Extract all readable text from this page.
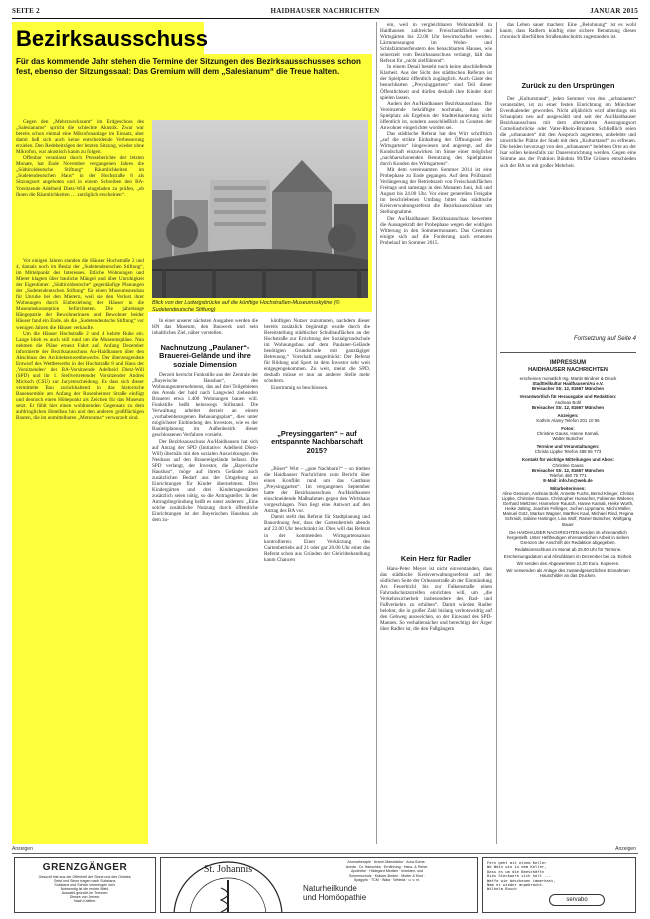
SEITE 2	HAIDHAUSER NACHRICHTEN	JANUAR 2015
Bezirksausschuss
Für das kommende Jahr stehen die Termine der Sitzungen des Bezirksausschusses schon fest, ebenso der Sitzungssaal: Das Gremium will dem „Salesianum“ die Treue halten.

Gegen den „Mehrzweckraum“ im Erdgeschoss des „Salesianums“ spricht die schlechte Akustik. Zwar war bereits schon einmal eine Mikrofonanlage im Einsatz, aber damit ließ sich auch keine entscheidende Verbesserung erzielen. Den Redebeiträgen der letzten Sitzung, wieder ohne Mikrofon, war akustisch kaum zu folgen.

Offenbar veranlasst durch Presseberichte der letzten Monate, hat Ende November vergangenen Jahres die „Südtiroldeutsche Stiftung“ Räumlichkeiten im „Sudetendeutschen Haus“ in der Hochstraße 8 als Sitzungsort angeboten und in einem Schreiben den BA-Vorsitzende Adelheid Dietz-Will eingeladen zu prüfen, „ob Ihnen die Räumlichkeiten … zuträglich erscheinen“.

Vor einigen Jahren standen die Häuser Hochstraße 2 und 4, damals noch im Besitz der „Sudetendeutschen Stiftung“, im Mittelpunkt des Interesses. Etliche Wohnungen und Mieter klagten über bauliche Mängel und über Unruhigkeit der Eigentümer. „Südtiroldeutsche“ gegenläufige Planungen der „Sudetendeutschen Stiftung“ für einen Museumsneubau für Unruhe bei den Mietern, weil sie den Verlust ihrer Wohnungen durch Einbeziehung der Häuser in die Museumskonzeption befürchteten. Die jahrelange Hängepartie der Bewohnerinnen und Bewohner beider Häuser fand ein Ende, als die „Sudetendeutsche Stiftung“ vor wenigen Jahren die Häuser verkaufte.

Um die Häuser Hochstraße 2 und 4 kehrte Ruhe ein. Lange blieb es auch still rund um die Museumspläne. Nun nehmen die Pläne erneut Fahrt auf. Anfang Dezember informierte der Bezirksausschuss Au-Haidhausen über den Abschluss des Architektenwettbewerbs. Der überzeugendste Entwurf des Wettbewerbs in der Hochstraße 8 und Haus der ‚Vorsitzenden‘ der BA-Vorsitzende Adelheid Dietz-Will (SPD) und ihr 1. Stellvertretender Vorsitzender Andres Micksch (CSU) zur Juryentscheidung. Es dass sich dieser vermittelte Bau zurückhaltend in das historische Bauensemble am Anfang der Rosenheimer Straße einfügt und dennoch einen Höhepunkt als Zeichen für das Museum setzt. Er fühlt hier einen wohltuenden Gegensatz zu dem aufdringlichen Hotelbau hin und den anderen großflächigen Bauten, die im unmittelbaren „Motorama“ verwurzelt sind.

Blick von der Ludwigsbrücke auf die künftige Hochstraßen-Museumsskyline (© Sudetendeutsche Stiftung)

In einer unserer nächsten Ausgaben werden die HN das Museum, den Bauwerk und sein inhaltliches Ziel, näher vorstellen.

Nachnutzung „Paulaner“-Brauerei-Gelände und ihre soziale Dimension

Derzeit herrscht Funkstille aus der Zentrale der „Bayerische Hausbau“, des Wohnungsunternehmens, das auf drei Teilgebieten des Areals der bald nach Langwied ziehenden Brauerei etwa 1.400 Wohnungen bauen will. Funkstille heißt keinswegs Stillstand. Die Verwaltung arbeitet derzeit an einem „vorhabenbezogenen Bebauungsplan“, dies unter möglichster Einbindung des Investors, wie es der Bauleitplanung im Außenbezirk dieser geschlossenen Verfahren vorsieht.

Der Bezirksausschuss Au/Haidhausen hat sich auf Antrag der SPD (Initiative: Adelheid Dietz-Will) übernäls mit den sozialen Auswirkungen des Neubaus auf den Brauereigelände befasst. Die SPD verlangt, der Investor, die „Bayerische Hausbau“, möge auf ihrem Gelände auch zusätzlichen Bedarf aus der Umgebung an Einrichtungen für Kinder übernehmen. Drei Kindergärten und drei Kindertagesstätten zusätzlich seien nötig, so die Antragsteller. In der Antragsbegründung heißt es unter anderem: „Eine solche zusätzliche Nutzung durch öffentliche Einrichtungen ist der Bayerischen Hausbau als dem zu-

künftigen Nutzer zuzumuten, nachdem dieser bereits zusätzlich begünstigt wurde durch die Bereitstellung städtischer Schulbauflächen an der Hochstraße zur Errichtung der Sozialgrundschule im Wohnungsbau auf dem Paulaner-Gelände benötigten Grundschule mit ganztägiger Betreuung.“ Vorerhalt ausgedrückt: Der Referat für Bildung und Sport ist dem Investor sehr weit entgegengekommen. Zu weit, meint die SPD, deshalb müsse er nun an anderer Stelle mehr schultern.

Einstimmig so beschlossen.

„Preysinggarten“ – auf entspannte Nachbarschaft 2015?

„Böser“ Wirt – „gute Nachbarn?“ – so titelten die Haidhauser Nachrichten zum Bericht über einen Konflikt rund um das Gasthaus „Preysinggarten“. Im vergangenen September hatte der Bezirksausschuss Au/Haidhausen einschneidende Maßnahmen gegen den Wirtshaus vorgeschlagen. Nun liegt eine Antwort auf den Antrag des BA vor.

Damit stellt das Referat für Stadtplanung und Bauordnung fest, dass der Gartenbetrieb abends auf 22.00 Uhr beschränkt ist. Dies will das Referat in der kommenden Wirtsgartensaison kontrollieren. Einer Verkürzung des Gartenbetriebs auf 21 oder gar 20.00 Uhr einer das Referat schon aus Gründen der Gleichbehandlung kaum Chancen

ein, weil in vergleichbaren Wohnumfeld in Haidhausen zahlreiche Freischankflächen und Wirtsgärten bis 22.00 Uhr bewirtschaftet werden. Lärmmessungen im Wohn- und Schlafzimmerfenstern des benachbarten Hauses, wie seinerzeit vom Bezirksausschuss verlangt, hält das Referat für „nicht zielführend“.

In einem Detail besteht noch keine abschließende Klarheit. Aus der Sicht des städtischen Referats ist der Spielplatz öffentlich zugänglich. Auch Gäste des benachbarten „Preysinggartens“ sind Teil dieser Öffentlichkeit und dürfen deshalb ihre Kinder dort spielen lassen.

Anders der Au/Haidhauser Bezirksausschuss. Die Vereinzende bekräftigte nochmals, dass der Spielplatz als Ergebnis der Stadtteilsanierung nicht öffentlich ist, sondern ausschließlich zu Gunsten der Anwohner eingerichtet worden sei.

Das städtische Referat hat den Wirt schriftlich „auf die strikte Einhaltung der Öffnungszeit des Wirtsgartens“ hingewiesen und angeregt, auf die Kundschaft einzuwirken im Sinne einer möglichst „nachbarschonenden Benutzung des Spielplatzes durch Kunden des Wirtsgartens“.

Mit dem vereinsamten Sommer 2014 ist eine Probephase zu Ende gegangen. Auf dem Prüfstand: Verlängerung der Betriebszeit von Freischankflächen Freitags und samstags in den Monaten Juni, Juli und August bis 24.00 Uhr. Vor einer generellen Freigabe im beschriebenen Umfang bittet das städtische Kreisverwaltungsreferat die Bezirksausschüsse um Stellungnahme.

Der Au/Haidhauser Bezirksausschuss bewertete die Aussagekraft der Probephase wegen der widrigen Witterung in den Sommermonaten. Das Gremium einigte sich auf die Forderung nach erneuten Probelauf im Sommer 2015.

Kein Herz für Radler

Hans-Peter Meyer ist nicht einverstanden, dass das städtische Kreisverwaltungsreferat auf der südlichen Seite der Orleansstraße ab der Einmündung Ars Feuerbichl bis zur Falkenstraße einen Fahrradschutzstreifen einrichten will, um „die Verkehrssicherheit insbesondere des Rad- und Fußverkehrs zu erhöhen“. Damit würden Radler belohnt, die in großer Zahl bislang verbotswidrig auf den Gehweg ausweichen, so der Einwand des SPD-Mannes. So verhaltensicher und berechtigt der Ärger über Radler ist, die den Fußgängern

das Leben sauer machen: Eine „Belohnung“ ist es wohl kaum, dass Radlern künftig eine sichere Benutzung dieses chronisch überfüllten Straßenabschnitts zugestanden ist.

Zurück zu den Ursprüngen

Der „Kulturstrand“, jeden Sommer von den „urbanauten“ veranstaltet, ist zu einer festen Einrichtung im Münchner Eventkalender geworden. Nicht alljährlich wird allerdings ein Schauplatz neu auf ausgewählt und seit der Au/Haidhauser Bezirksausschuss mit dem alternativen Austragungsort Corneliusbrücke oder Vater-Rhein-Brunnen. Schließlich seien die „urbanauten“ mit den Anspruch angetreten, unbelebte und unwirtliche Plätze der Stadt mit dem „Kulturstand“ zu erfreuen. Die beiden bevorzugt von den „urbanauten“ belebten Orte an der Isar sollen keinesfalls zur Dauereinrichtung werden. Gegen eine Stimme aus der Fraktion Bündnis 90/Die Grünen entschieden sich der BA so mit großer Mehrheit.

Fortsetzung auf Seite 4
IMPRESSUM
HAIDHAUSER NACHRICHTEN
erscheinen monatlich Ing. Martin Bindner & Druck
Stadtteilkultur Haidhausen/Au e.V.
Breisacher Str. 12, 81667 München
Verantwortlich für Herausgabe und Redaktion:
Andreas Bohl
Breisacher Str. 12, 81667 München
Anzeigen:
Kathrin Alamy Telefon 201 10 96
Fotos:
Christine Gauss, Hanne Kamali,
Walter Butscher
Termine und Veranstaltungen:
Christa Lippke Telefon 488 65 773
Kontakt für wichtige Mitteilungen und Abos:
Christine Gauss
Breisacher Str. 12, 81667 München
Telefon 480 75 771
E-Mail: info.hn@web.de
Mitarbeiterinnen:
Aline Gessum, Andreas Bohl, Annette Fuchs, Bernd Klinger, Christa Lippke, Christine Gauss, Christopher Humacher, Fabienne Widener, Gerhard Meltzner, Hannelore Rausch, Hanne Kamali, Heike Wurth, Heike Jütting, Joachim Fellinger, Jochen Lippmann, Michi Müller, Manuel Gotz, Markus Wagner, Marthes Kaul, Michael Rind, Regina Schmidt, Sabine Hartinger, Lina Wolf, Rainer Butscher, Wolfgang Bauer
Die HAIDHAUSER NACHRICHTEN werden im ehrenamtlich hergestellt. Unter Heftheutigen ehrenamtlichen Arbeit in sieben Grenzen der Anschrift der Redaktion abgegeben.
Redaktionsschluss im Monat ab 25.00 Uhr für Termine.
Erscheinungsdatum und Abrufdatum im Dezember bei ca. Einheit.
Wir senden den Abgewerteten 21,00 Euro. Kopieren.
Wir verwenden als Anlage des zustandgesetzlichen Einnahmen Hauschilder an das Drucken.
Anzeigen	Anzeigen
GRENZGÄNGER
Gesucht bist aus der Offenheit der Sinne und des Geistes,
Geist und Sinne tragen nach Substanz.
Substanz und Schein vermengen sich.
Notwendig ist die rechte Wahl.
Auswahl gründet im Trennen.
Dieses von Jenem.
Nach Kräften.
St. Johannis
Aromatherapie · Arznei-Manufaktur · Aura-Soma ·
Aveda · Dr. Hauschka · Ernährung · Haus- & Reise-
Apotheke · Hildegard Medizin · Insekten- und
Sonnenschutz · Kräuter-Boden · Mutter & Kind ·
Spagyrik · TCM · Wala · Weleda · u. v. m.
Naturheilkunde
und Homöopathie
Fern geht mit einem Keller
Wo Wein wie in dem Keller,
Dass es um die Beeschäftn
Dies Steckwerk sich holt ...
Waffe wie beschauen immerhast,
Nam er wieder angebracht.
Wilhelm Busch
servabo
